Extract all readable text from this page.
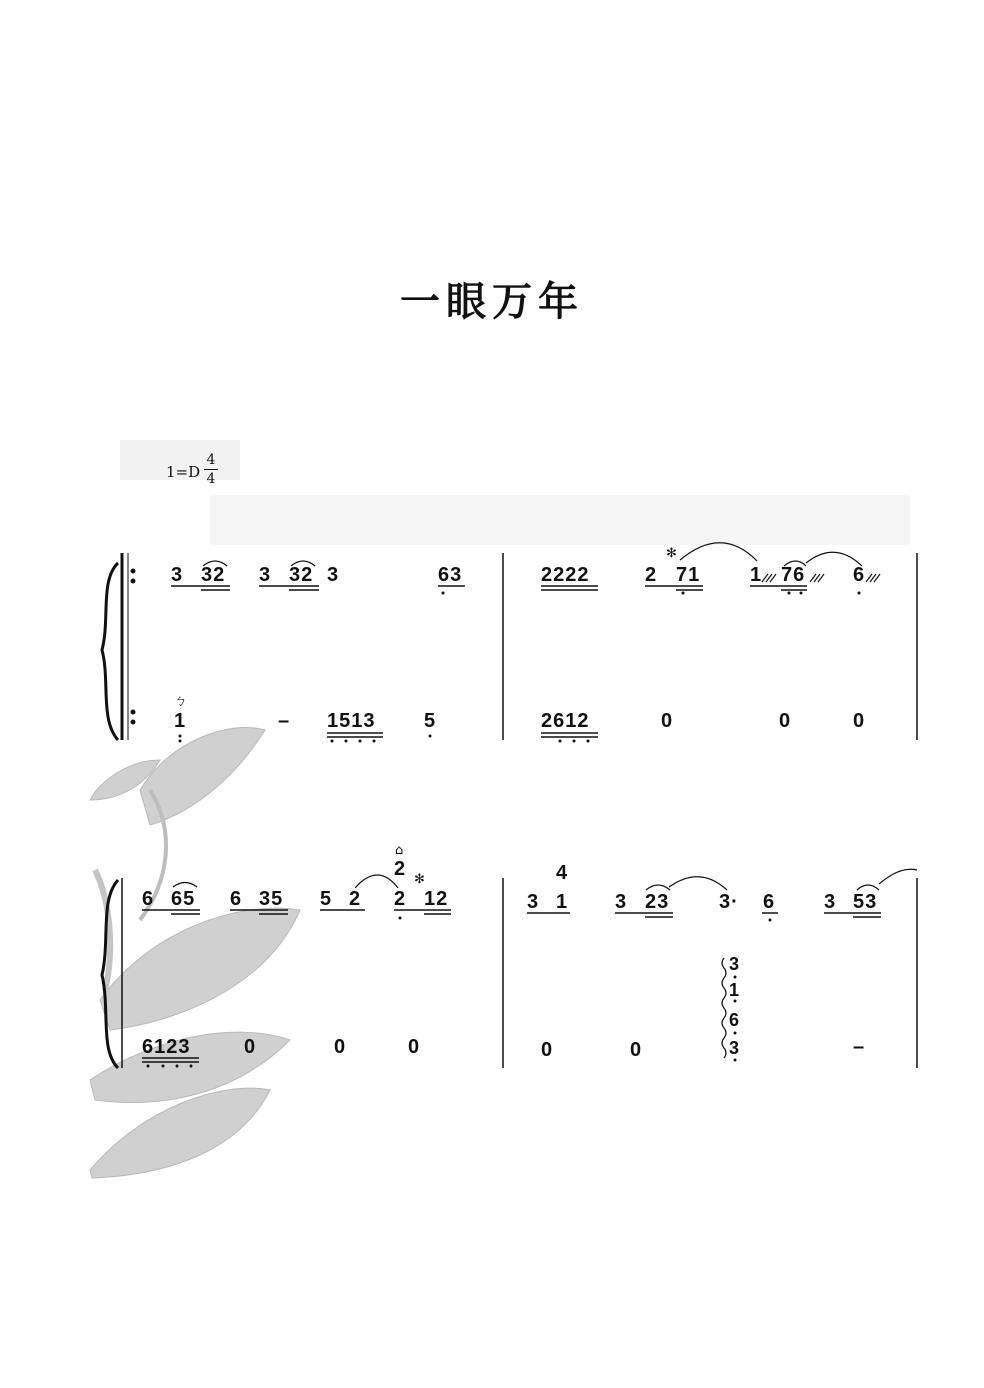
一眼万年
1=D
4
4
3 32 3 32 3	63	2222	2 71 1 76 6
✻
ㄅ
1	– 1513 5	2612	0	0	0
6 65 6 35 5 2
⌂
2
2
✻
12
4
3 1 3 23 3· 6 3 53
6123	0	0	0	0	0
3
1
6
3	–
